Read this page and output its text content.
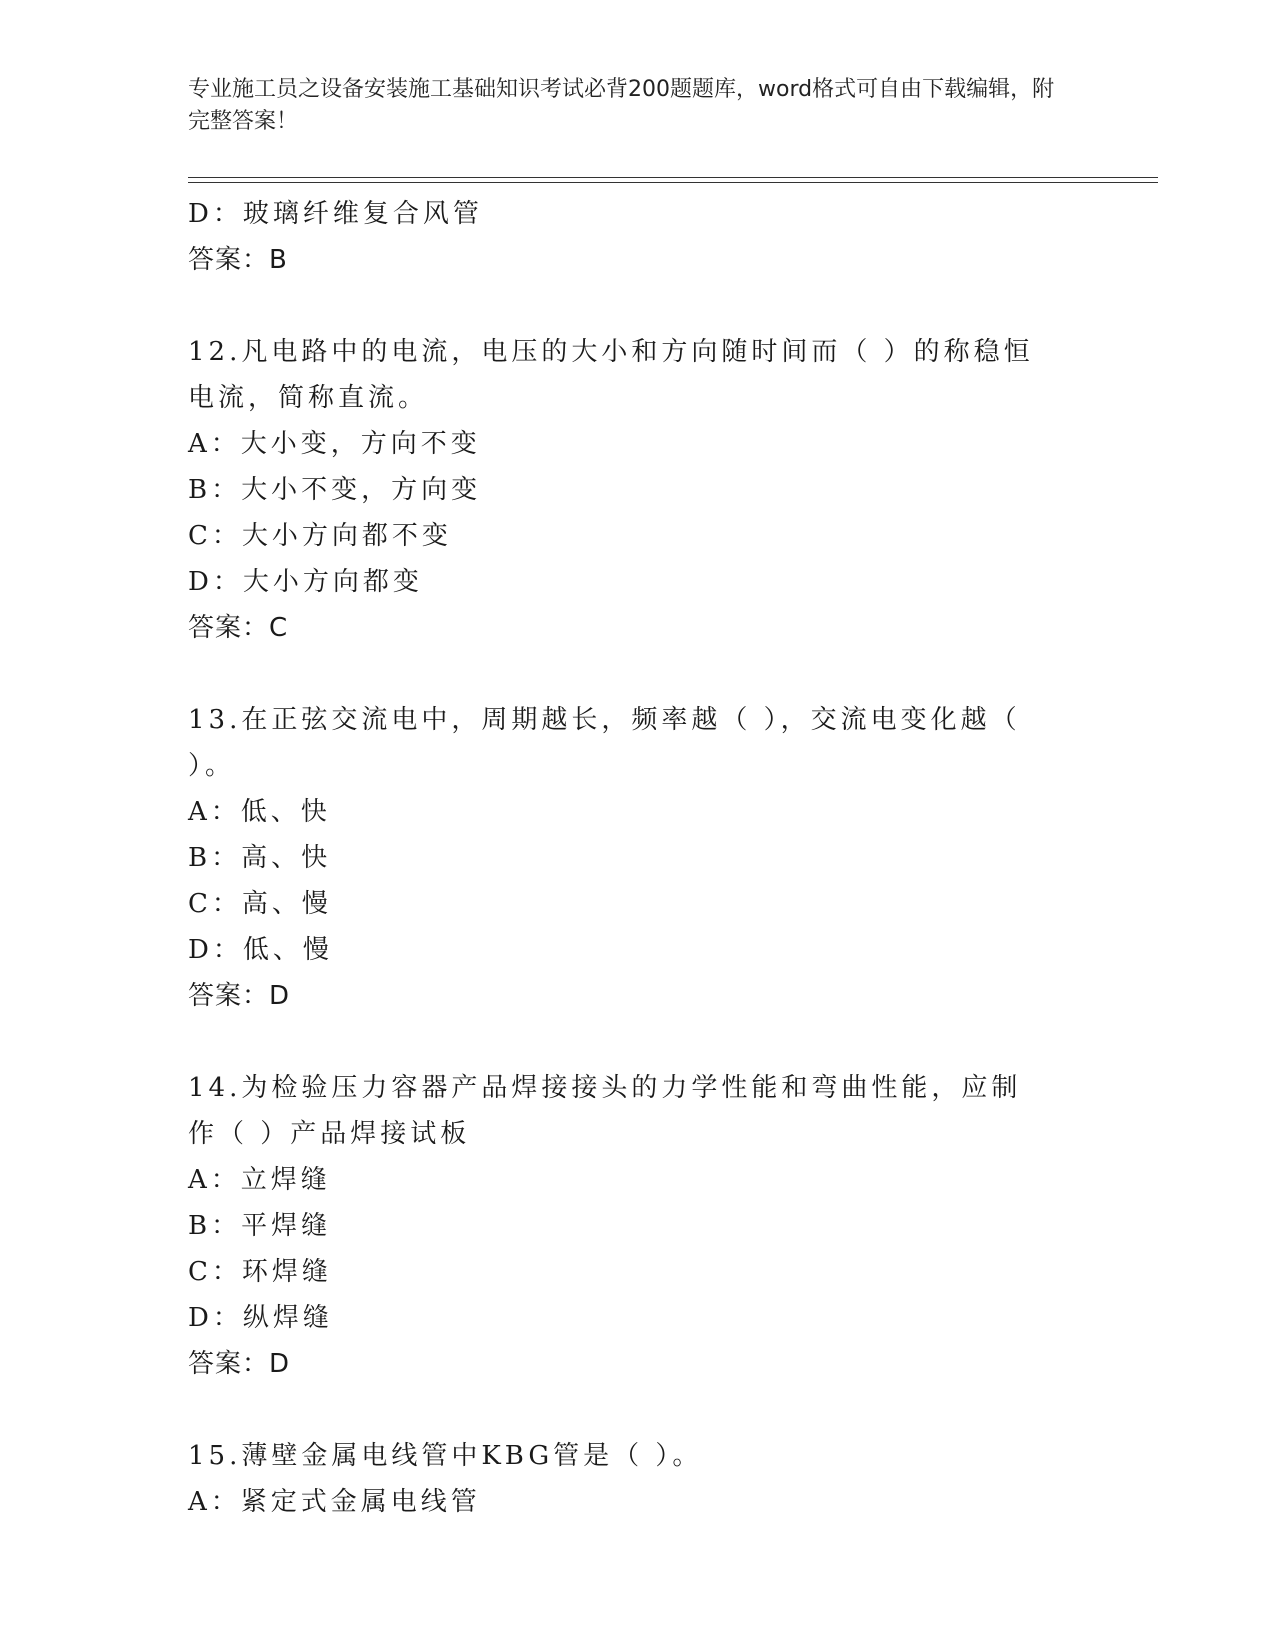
专业施工员之设备安装施工基础知识考试必背200题题库，word格式可自由下载编辑，附完整答案！
D：玻璃纤维复合风管
答案：B
12.凡电路中的电流，电压的大小和方向随时间而（ ）的称稳恒电流，简称直流。
A：大小变，方向不变
B：大小不变，方向变
C：大小方向都不变
D：大小方向都变
答案：C
13.在正弦交流电中，周期越长，频率越（ ），交流电变化越（ ）。
A：低、快
B：高、快
C：高、慢
D：低、慢
答案：D
14.为检验压力容器产品焊接接头的力学性能和弯曲性能，应制作（ ）产品焊接试板
A：立焊缝
B：平焊缝
C：环焊缝
D：纵焊缝
答案：D
15.薄壁金属电线管中KBG管是（ ）。
A：紧定式金属电线管
